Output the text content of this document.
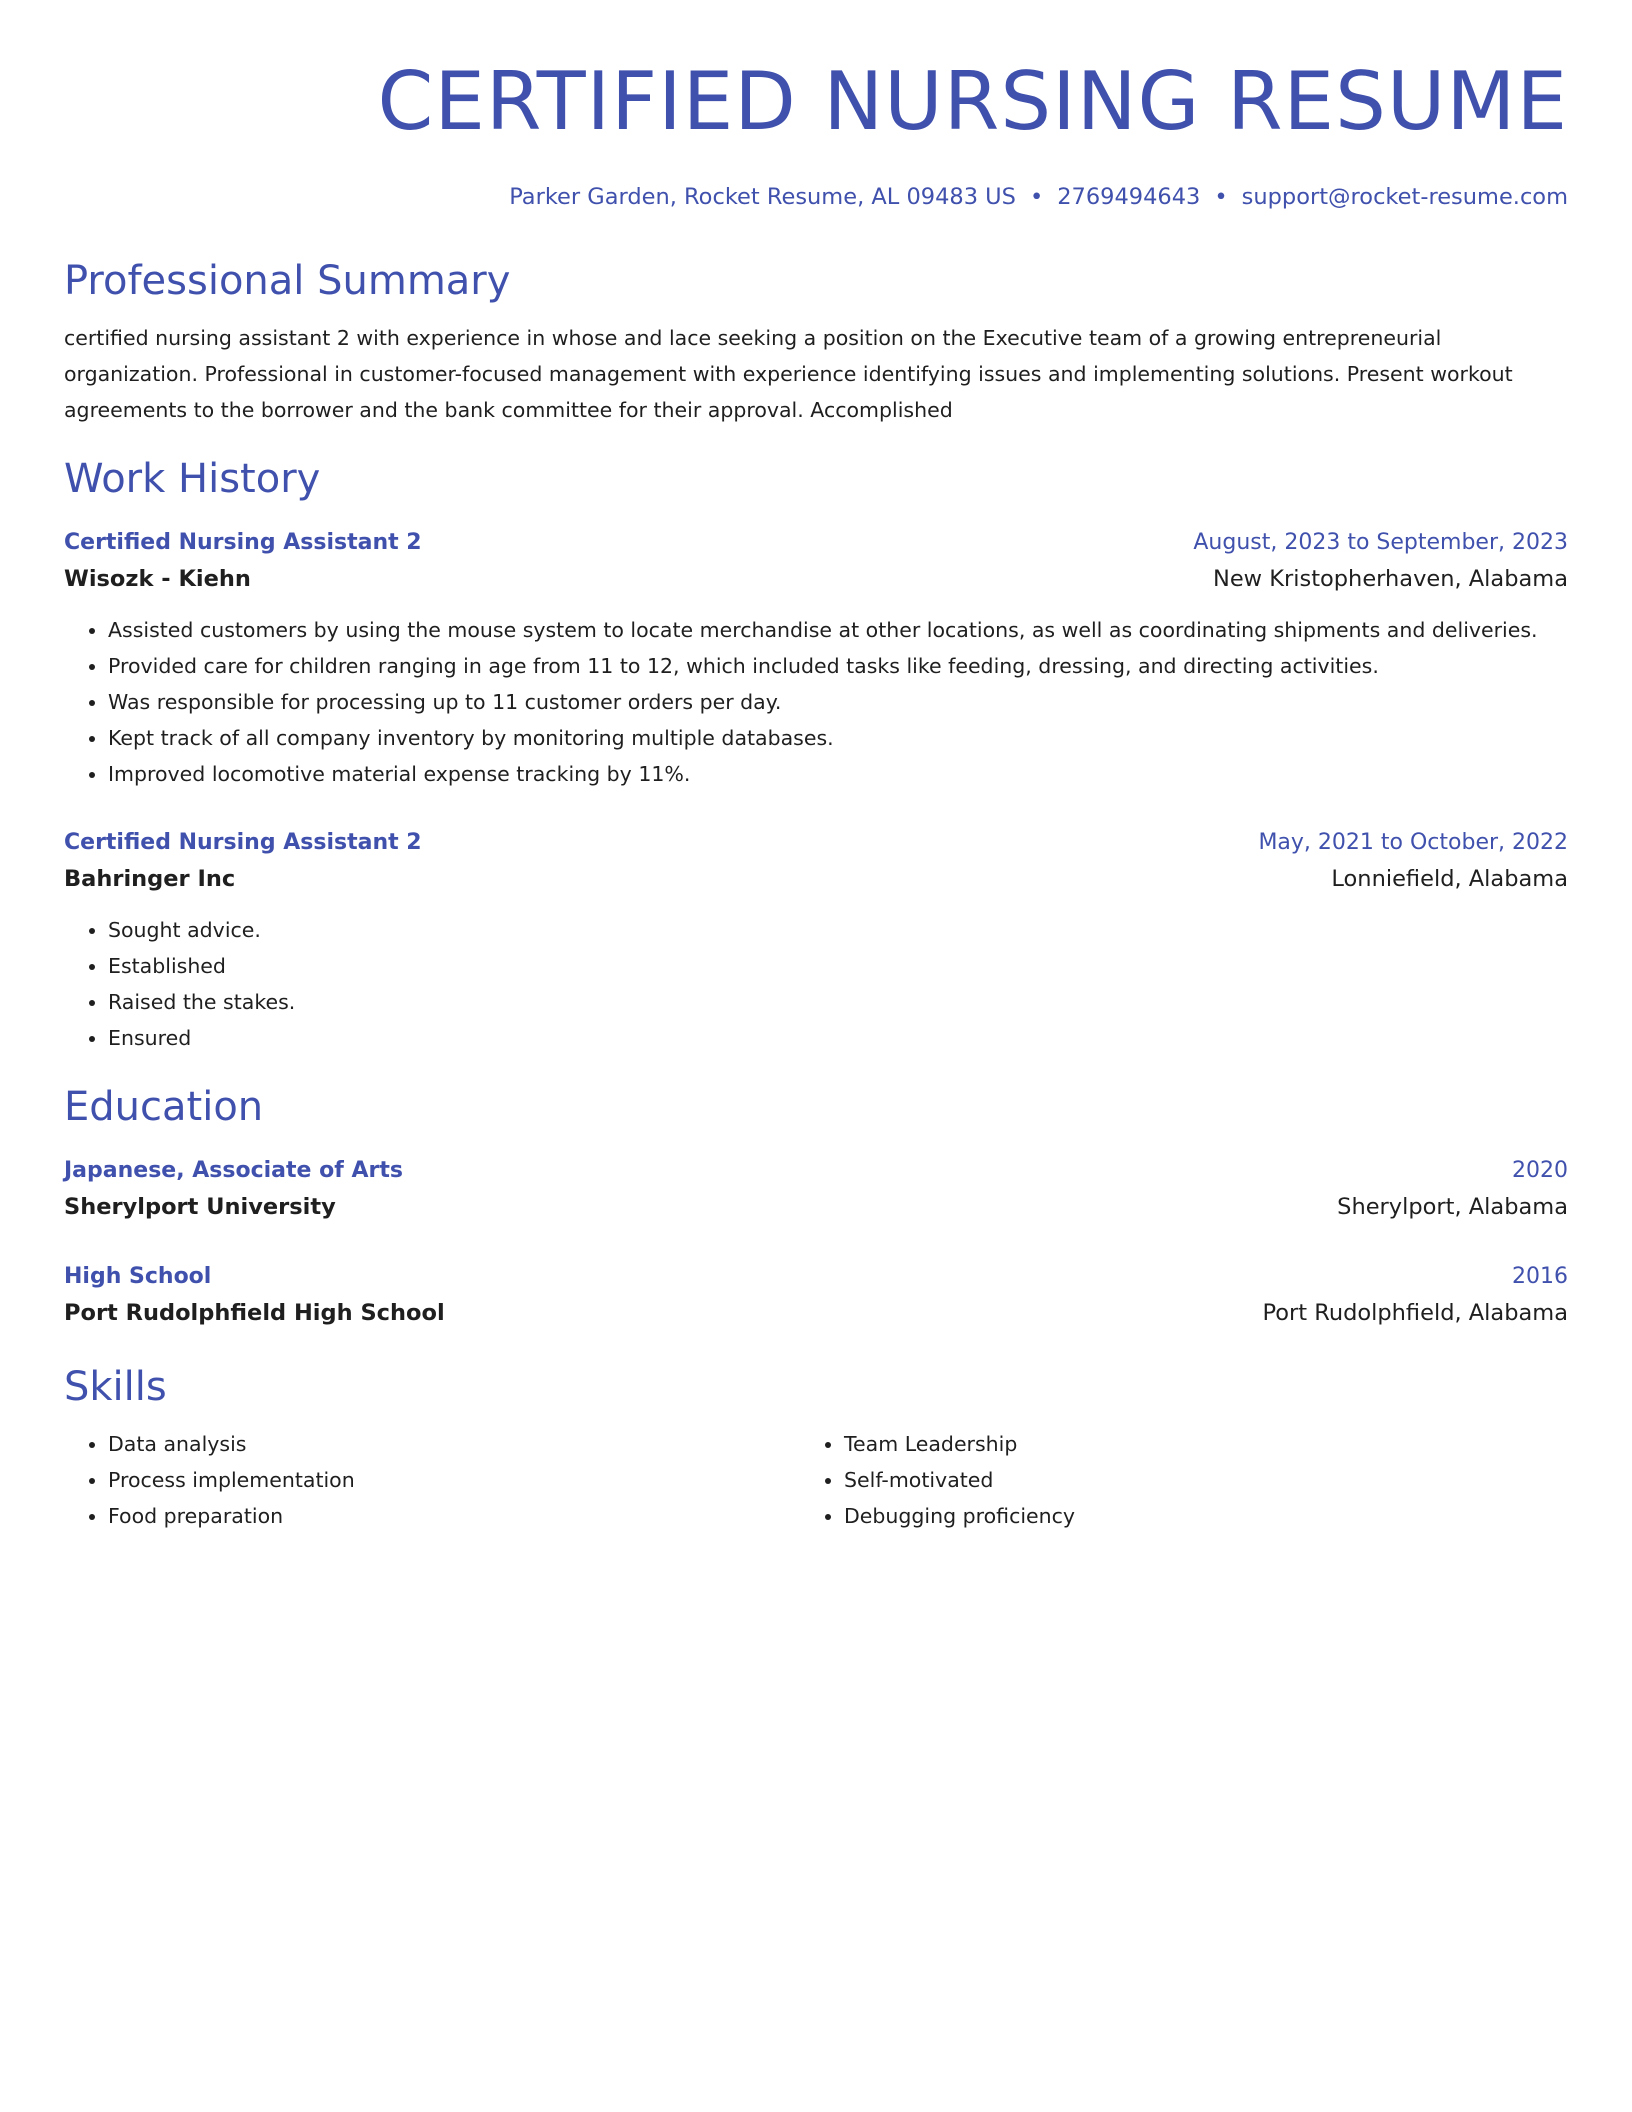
CERTIFIED NURSING RESUME
Parker Garden, Rocket Resume, AL 09483 US • 2769494643 • support@rocket-resume.com
Professional Summary

certified nursing assistant 2 with experience in whose and lace seeking a position on the Executive team of a growing entrepreneurial organization. Professional in customer-focused management with experience identifying issues and implementing solutions. Present workout agreements to the borrower and the bank committee for their approval. Accomplished

Work History
Certified Nursing Assistant 2	August, 2023 to September, 2023
Wisozk - Kiehn	New Kristopherhaven, Alabama
• Assisted customers by using the mouse system to locate merchandise at other locations, as well as coordinating shipments and deliveries.
• Provided care for children ranging in age from 11 to 12, which included tasks like feeding, dressing, and directing activities.
• Was responsible for processing up to 11 customer orders per day.
• Kept track of all company inventory by monitoring multiple databases.
• Improved locomotive material expense tracking by 11%.
Certified Nursing Assistant 2	May, 2021 to October, 2022
Bahringer Inc	Lonniefield, Alabama
• Sought advice.
• Established
• Raised the stakes.
• Ensured
Education
Japanese, Associate of Arts	2020
Sherylport University	Sherylport, Alabama
High School	2016
Port Rudolphfield High School	Port Rudolphfield, Alabama
Skills
• Data analysis
• Process implementation
• Food preparation
• Team Leadership
• Self-motivated
• Debugging proficiency
